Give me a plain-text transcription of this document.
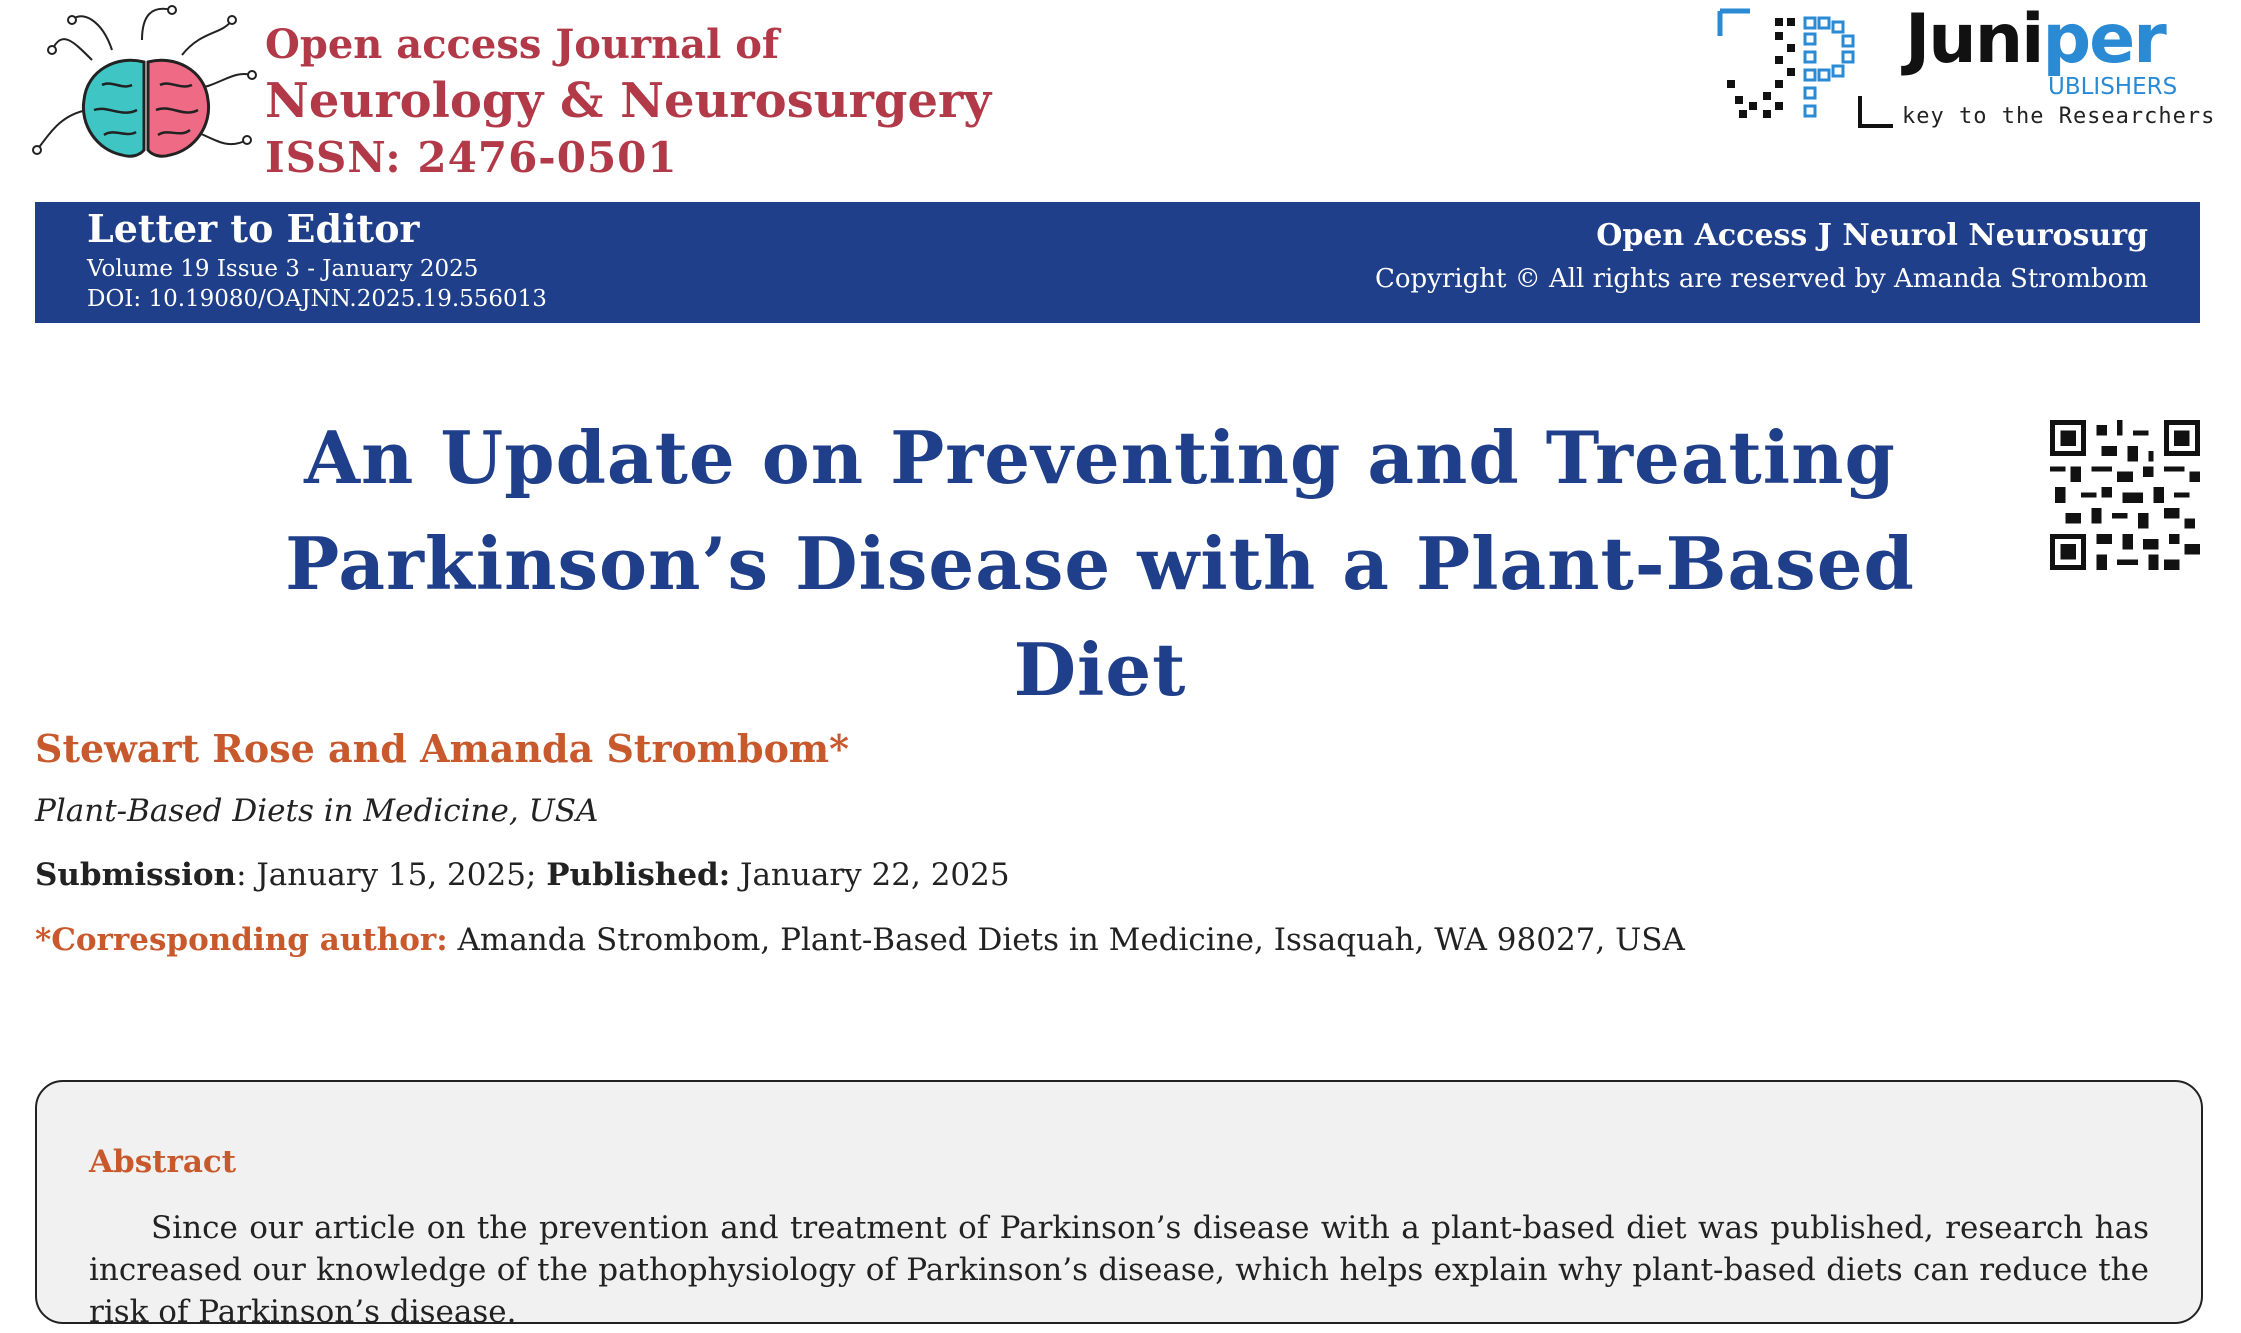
Open access Journal of
Neurology & Neurosurgery
ISSN: 2476-0501
Juniper
UBLISHERS
key to the Researchers
Letter to Editor
Volume 19 Issue 3 - January 2025
DOI: 10.19080/OAJNN.2025.19.556013
Open Access J Neurol Neurosurg
Copyright © All rights are reserved by Amanda Strombom
An Update on Preventing and Treating
Parkinson’s Disease with a Plant-Based Diet
Stewart Rose and Amanda Strombom*
Plant-Based Diets in Medicine, USA
Submission: January 15, 2025; Published: January 22, 2025
*Corresponding author: Amanda Strombom, Plant-Based Diets in Medicine, Issaquah, WA 98027, USA
Abstract
Since our article on the prevention and treatment of Parkinson’s disease with a plant-based diet was published, research has increased our knowledge of the pathophysiology of Parkinson’s disease, which helps explain why plant-based diets can reduce the risk of Parkinson’s disease.
